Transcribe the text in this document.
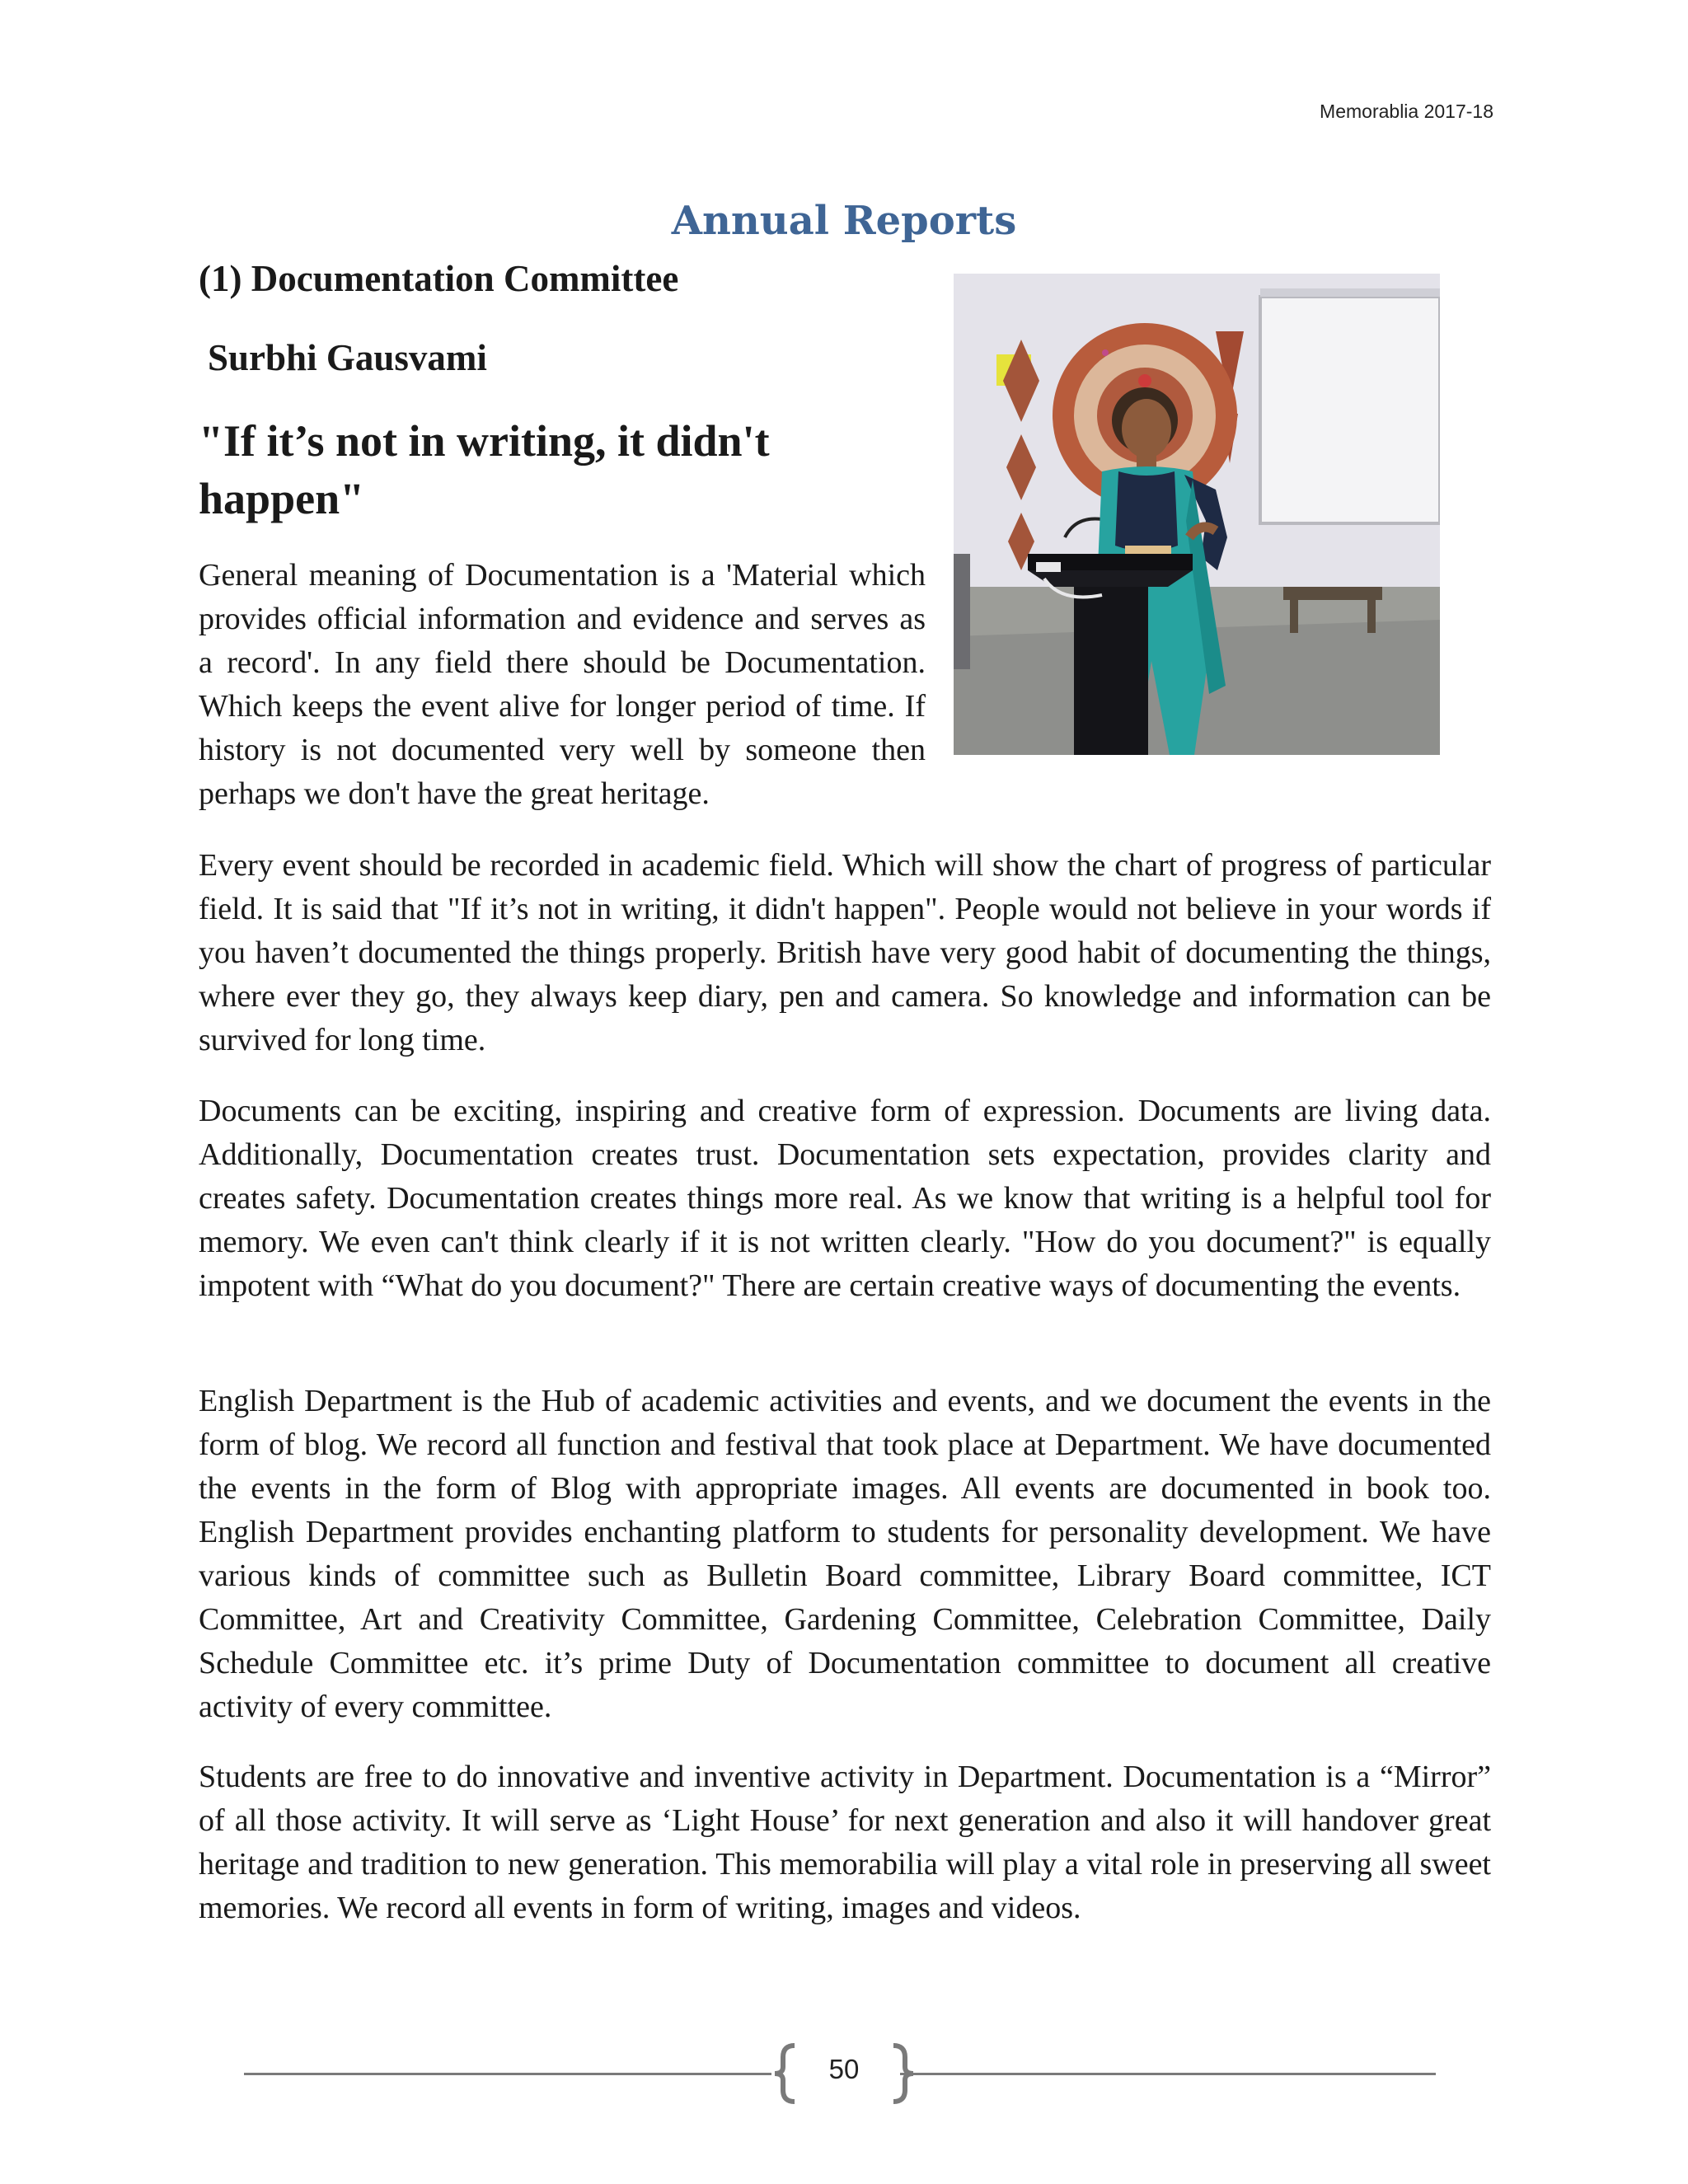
Memorablia 2017-18
Annual Reports
(1) Documentation Committee
Surbhi Gausvami
"If it’s not in writing, it didn't happen"

General meaning of Documentation is a 'Material which provides official information and evidence and serves as a record'. In any field there should be Documentation. Which keeps the event alive for longer period of time. If history is not documented very well by someone then perhaps we don't have the great heritage.

Every event should be recorded in academic field. Which will show the chart of progress of particular field. It is said that "If it’s not in writing, it didn't happen". People would not believe in your words if you haven’t documented the things properly. British have very good habit of documenting the things, where ever they go, they always keep diary, pen and camera. So knowledge and information can be survived for long time.

Documents can be exciting, inspiring and creative form of expression. Documents are living data. Additionally, Documentation creates trust. Documentation sets expectation, provides clarity and creates safety. Documentation creates things more real. As we know that writing is a helpful tool for memory. We even can't think clearly if it is not written clearly. "How do you document?" is equally impotent with “What do you document?" There are certain creative ways of documenting the events.

English Department is the Hub of academic activities and events, and we document the events in the form of blog. We record all function and festival that took place at Department. We have documented the events in the form of Blog with appropriate images. All events are documented in book too. English Department provides enchanting platform to students for personality development. We have various kinds of committee such as Bulletin Board committee, Library Board committee, ICT Committee, Art and Creativity Committee, Gardening Committee, Celebration Committee, Daily Schedule Committee etc. it’s prime Duty of Documentation committee to document all creative activity of every committee.

Students are free to do innovative and inventive activity in Department. Documentation is a “Mirror” of all those activity. It will serve as ‘Light House’ for next generation and also it will handover great heritage and tradition to new generation. This memorabilia will play a vital role in preserving all sweet memories. We record all events in form of writing, images and videos.

50
